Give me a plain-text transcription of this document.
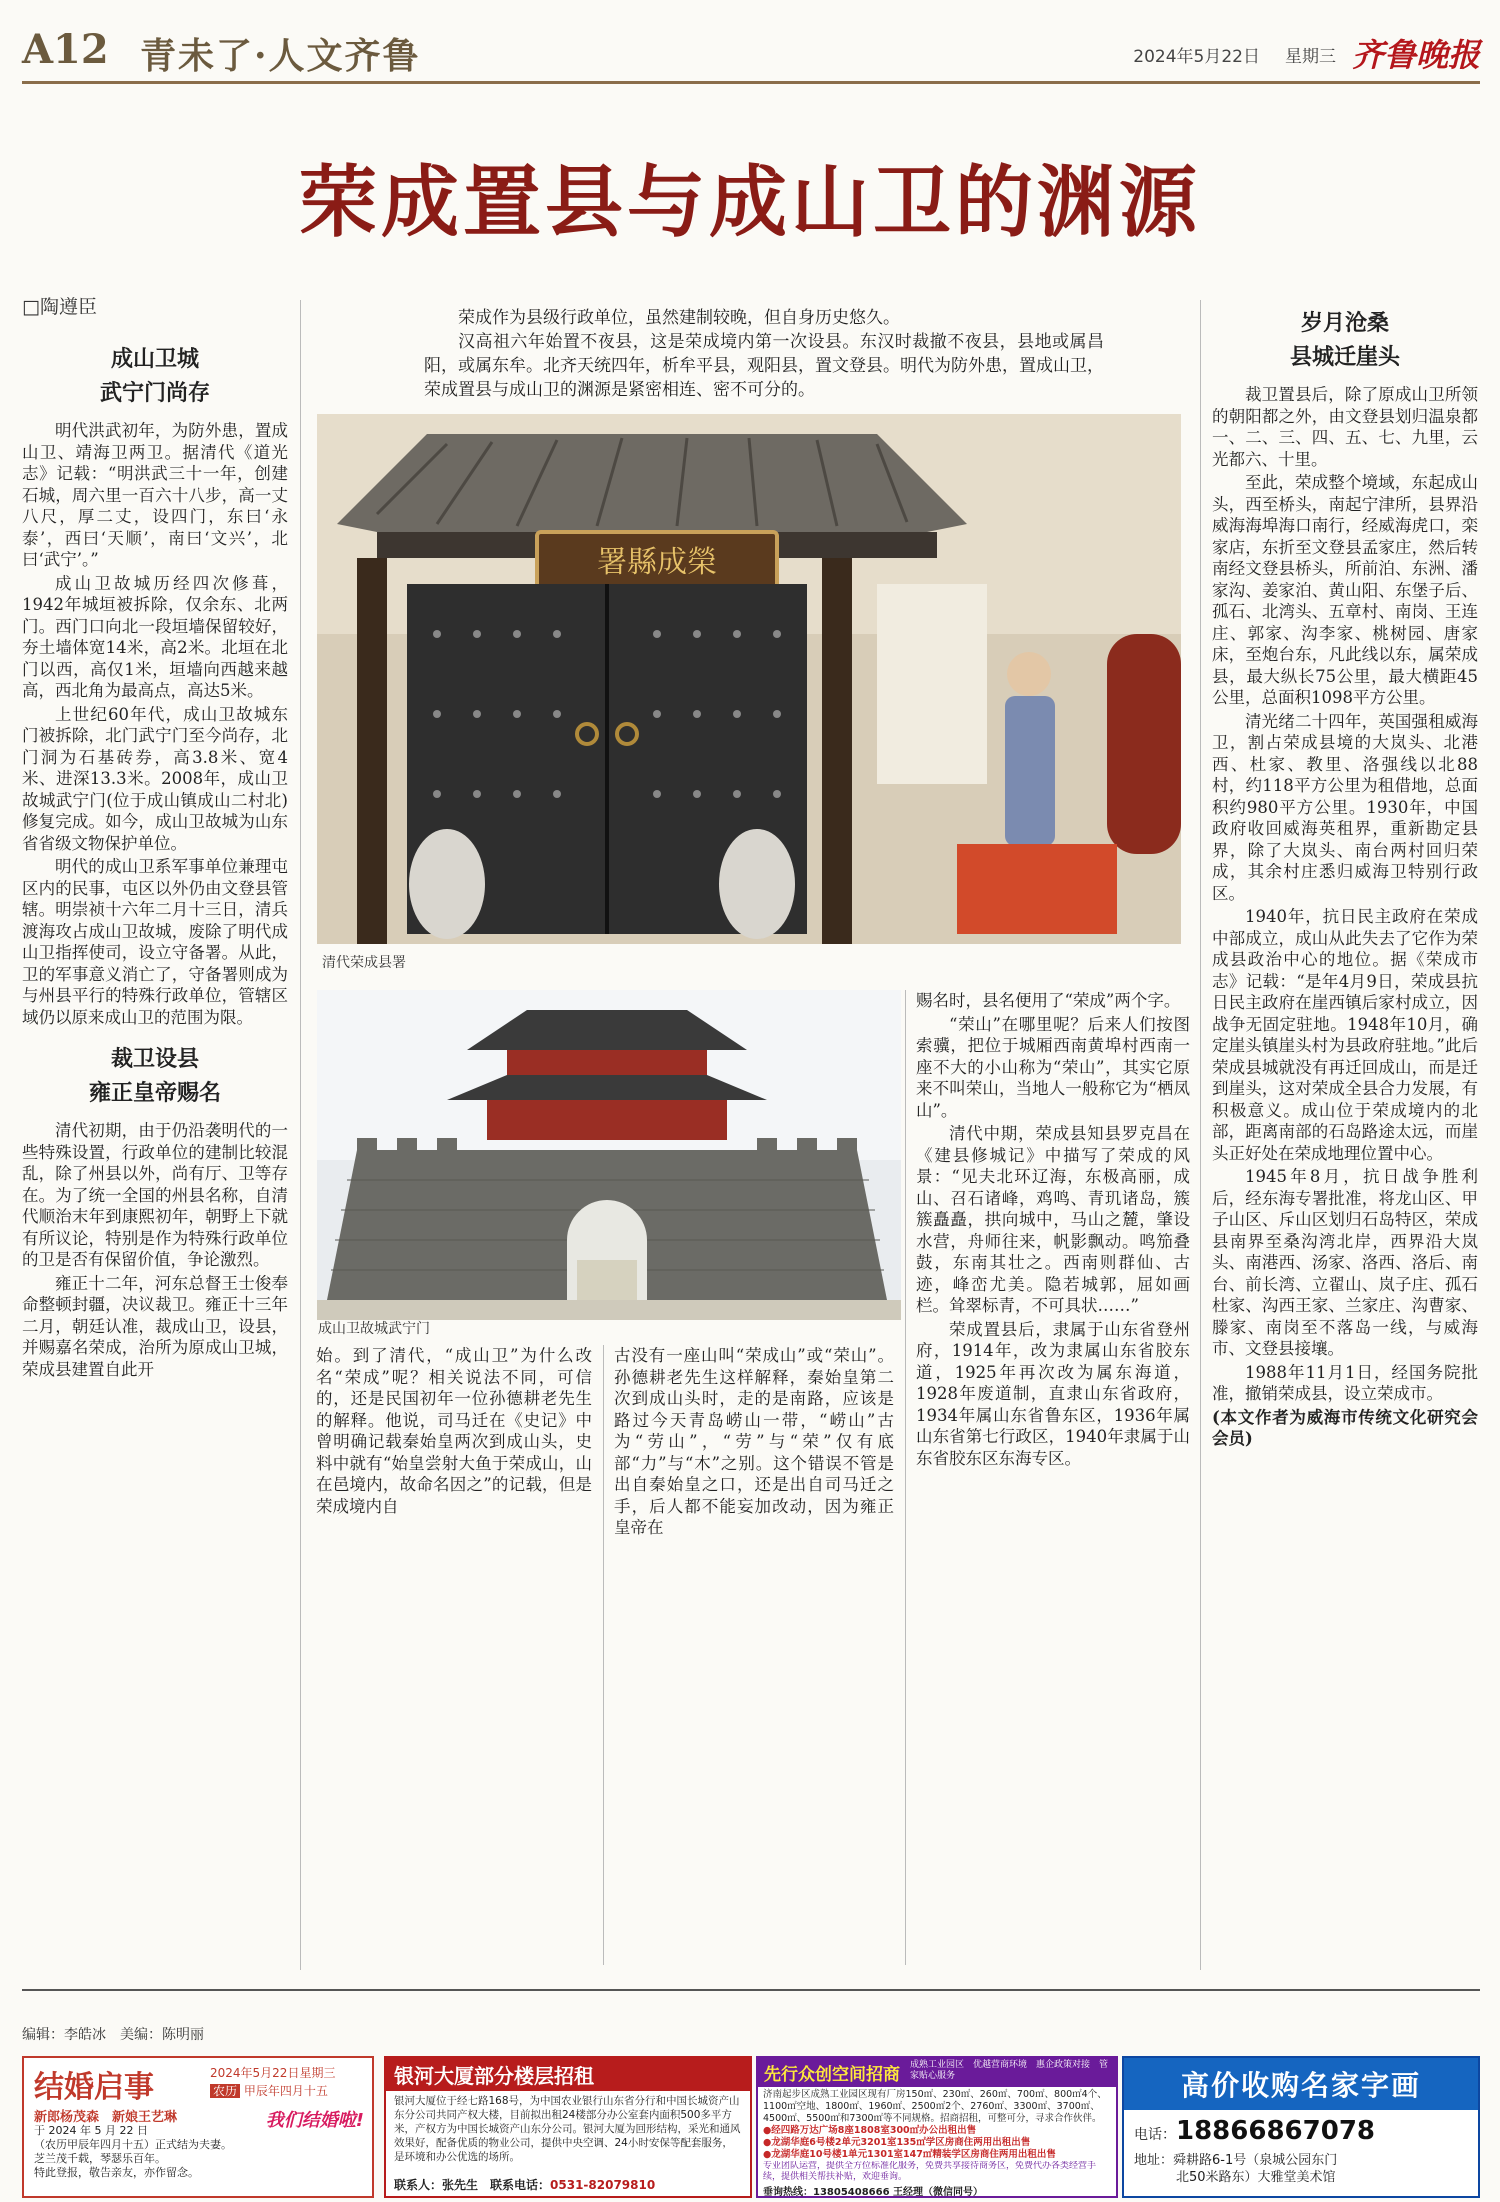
A12 青未了·人文齐鲁	2024年5月22日 星期三 齐鲁晚报
荣成置县与成山卫的渊源
□陶遵臣
成山卫城
武宁门尚存

明代洪武初年，为防外患，置成山卫、靖海卫两卫。据清代《道光志》记载：“明洪武三十一年，创建石城，周六里一百六十八步，高一丈八尺，厚二丈，设四门，东曰‘永泰’，西曰‘天顺’，南曰‘文兴’，北曰‘武宁’。”

成山卫故城历经四次修葺，1942年城垣被拆除，仅余东、北两门。西门口向北一段垣墙保留较好，夯土墙体宽14米，高2米。北垣在北门以西，高仅1米，垣墙向西越来越高，西北角为最高点，高达5米。

上世纪60年代，成山卫故城东门被拆除，北门武宁门至今尚存，北门洞为石基砖券，高3.8米、宽4米、进深13.3米。2008年，成山卫故城武宁门(位于成山镇成山二村北)修复完成。如今，成山卫故城为山东省省级文物保护单位。

明代的成山卫系军事单位兼理屯区内的民事，屯区以外仍由文登县管辖。明崇祯十六年二月十三日，清兵渡海攻占成山卫故城，废除了明代成山卫指挥使司，设立守备署。从此，卫的军事意义消亡了，守备署则成为与州县平行的特殊行政单位，管辖区域仍以原来成山卫的范围为限。

裁卫设县
雍正皇帝赐名

清代初期，由于仍沿袭明代的一些特殊设置，行政单位的建制比较混乱，除了州县以外，尚有厅、卫等存在。为了统一全国的州县名称，自清代顺治末年到康熙初年，朝野上下就有所议论，特别是作为特殊行政单位的卫是否有保留价值，争论激烈。

雍正十二年，河东总督王士俊奉命整顿封疆，决议裁卫。雍正十三年二月，朝廷认准，裁成山卫，设县，并赐嘉名荣成，治所为原成山卫城，荣成县建置自此开

荣成作为县级行政单位，虽然建制较晚，但自身历史悠久。

汉高祖六年始置不夜县，这是荣成境内第一次设县。东汉时裁撤不夜县，县地或属昌阳，或属东牟。北齐天统四年，析牟平县，观阳县，置文登县。明代为防外患，置成山卫，荣成置县与成山卫的渊源是紧密相连、密不可分的。

署縣成榮
清代荣成县署
岁月沧桑
县城迁崖头

裁卫置县后，除了原成山卫所领的朝阳都之外，由文登县划归温泉都一、二、三、四、五、七、九里，云光都六、十里。

至此，荣成整个境域，东起成山头，西至桥头，南起宁津所，县界沿威海海埠海口南行，经威海虎口，栾家店，东折至文登县孟家庄，然后转南经文登县桥头，所前泊、东洲、潘家沟、姜家泊、黄山阳、东堡子后、孤石、北湾头、五章村、南岗、王连庄、郭家、沟李家、桃树园、唐家床，至炮台东，凡此线以东，属荣成县，最大纵长75公里，最大横距45公里，总面积1098平方公里。

清光绪二十四年，英国强租威海卫，割占荣成县境的大岚头、北港西、杜家、教里、洛强线以北88村，约118平方公里为租借地，总面积约980平方公里。1930年，中国政府收回威海英租界，重新勘定县界，除了大岚头、南台两村回归荣成，其余村庄悉归威海卫特别行政区。

1940年，抗日民主政府在荣成中部成立，成山从此失去了它作为荣成县政治中心的地位。据《荣成市志》记载：“是年4月9日，荣成县抗日民主政府在崖西镇后家村成立，因战争无固定驻地。1948年10月，确定崖头镇崖头村为县政府驻地。”此后荣成县城就没有再迁回成山，而是迁到崖头，这对荣成全县合力发展，有积极意义。成山位于荣成境内的北部，距离南部的石岛路途太远，而崖头正好处在荣成地理位置中心。

1945年8月，抗日战争胜利后，经东海专署批准，将龙山区、甲子山区、斥山区划归石岛特区，荣成县南界至桑沟湾北岸，西界沿大岚头、南港西、汤家、洛西、洛后、南台、前长湾、立翟山、岚子庄、孤石杜家、沟西王家、兰家庄、沟曹家、滕家、南岗至不落岛一线，与威海市、文登县接壤。

1988年11月1日，经国务院批准，撤销荣成县，设立荣成市。

(本文作者为威海市传统文化研究会会员)

成山卫故城武宁门

始。到了清代，“成山卫”为什么改名“荣成”呢？相关说法不同，可信的，还是民国初年一位孙德耕老先生的解释。他说，司马迁在《史记》中曾明确记载秦始皇两次到成山头，史料中就有“始皇尝射大鱼于荣成山，山在邑境内，故命名因之”的记载，但是荣成境内自

古没有一座山叫“荣成山”或“荣山”。孙德耕老先生这样解释，秦始皇第二次到成山头时，走的是南路，应该是路过今天青岛崂山一带，“崂山”古为“劳山”，“劳”与“荣”仅有底部“力”与“木”之别。这个错误不管是出自秦始皇之口，还是出自司马迁之手，后人都不能妄加改动，因为雍正皇帝在

赐名时，县名便用了“荣成”两个字。

“荣山”在哪里呢？后来人们按图索骥，把位于城厢西南黄埠村西南一座不大的小山称为“荣山”，其实它原来不叫荣山，当地人一般称它为“栖凤山”。

清代中期，荣成县知县罗克昌在《建县修城记》中描写了荣成的风景：“见夫北环辽海，东极高丽，成山、召石诸峰，鸡鸣、青玑诸岛，簇簇矗矗，拱向城中，马山之麓，肇设水营，舟师往来，帆影飘动。鸣笳叠鼓，东南其壮之。西南则群仙、古迹，峰峦尤美。隐若城郭，屈如画栏。耸翠标青，不可具状……”

荣成置县后，隶属于山东省登州府，1914年，改为隶属山东省胶东道，1925年再次改为属东海道，1928年废道制，直隶山东省政府，1934年属山东省鲁东区，1936年属山东省第七行政区，1940年隶属于山东省胶东区东海专区。

编辑：李皓冰　美编：陈明丽
结婚启事	2024年5月22日星期三
农历 甲辰年四月十五
新郎杨茂森　 新娘王艺琳
于 2024 年 5 月 22 日
（农历甲辰年四月十五）正式结为夫妻。
芝兰茂千载，琴瑟乐百年。
特此登报，敬告亲友，亦作留念。
我们结婚啦!
银河大厦部分楼层招租
银河大厦位于经七路168号，为中国农业银行山东省分行和中国长城资产山东分公司共同产权大楼，目前拟出租24楼部分办公室套内面积500多平方米，产权方为中国长城资产山东分公司。银河大厦为回形结构，采光和通风效果好，配备优质的物业公司，提供中央空调、24小时安保等配套服务，是环境和办公优选的场所。
联系人：张先生　联系电话：0531-82079810
先行众创空间招商	成熟工业园区　优越营商环境　惠企政策对接　管家贴心服务
济南起步区成熟工业园区现有厂房150㎡、230㎡、260㎡、700㎡、800㎡4个、1100㎡空地、1800㎡、1960㎡、2500㎡2个、2760㎡、3300㎡、3700㎡、4500㎡、5500㎡和7300㎡等不同规格。招商招租，可整可分，寻求合作伙伴。
●经四路万达广场8座1808室300㎡办公出租出售
●龙湖华庭6号楼2单元3201室135㎡学区房商住两用出租出售
●龙湖华庭10号楼1单元1301室147㎡精装学区房商住两用出租出售
专业团队运营，提供全方位标准化服务，免费共享接待商务区，免费代办各类经营手续，提供相关帮扶补贴，欢迎垂询。
垂询热线：13805408666 王经理（微信同号）
高价收购名家字画
电话：18866867078
地址：舜耕路6-1号（泉城公园东门
北50米路东）大雅堂美术馆
